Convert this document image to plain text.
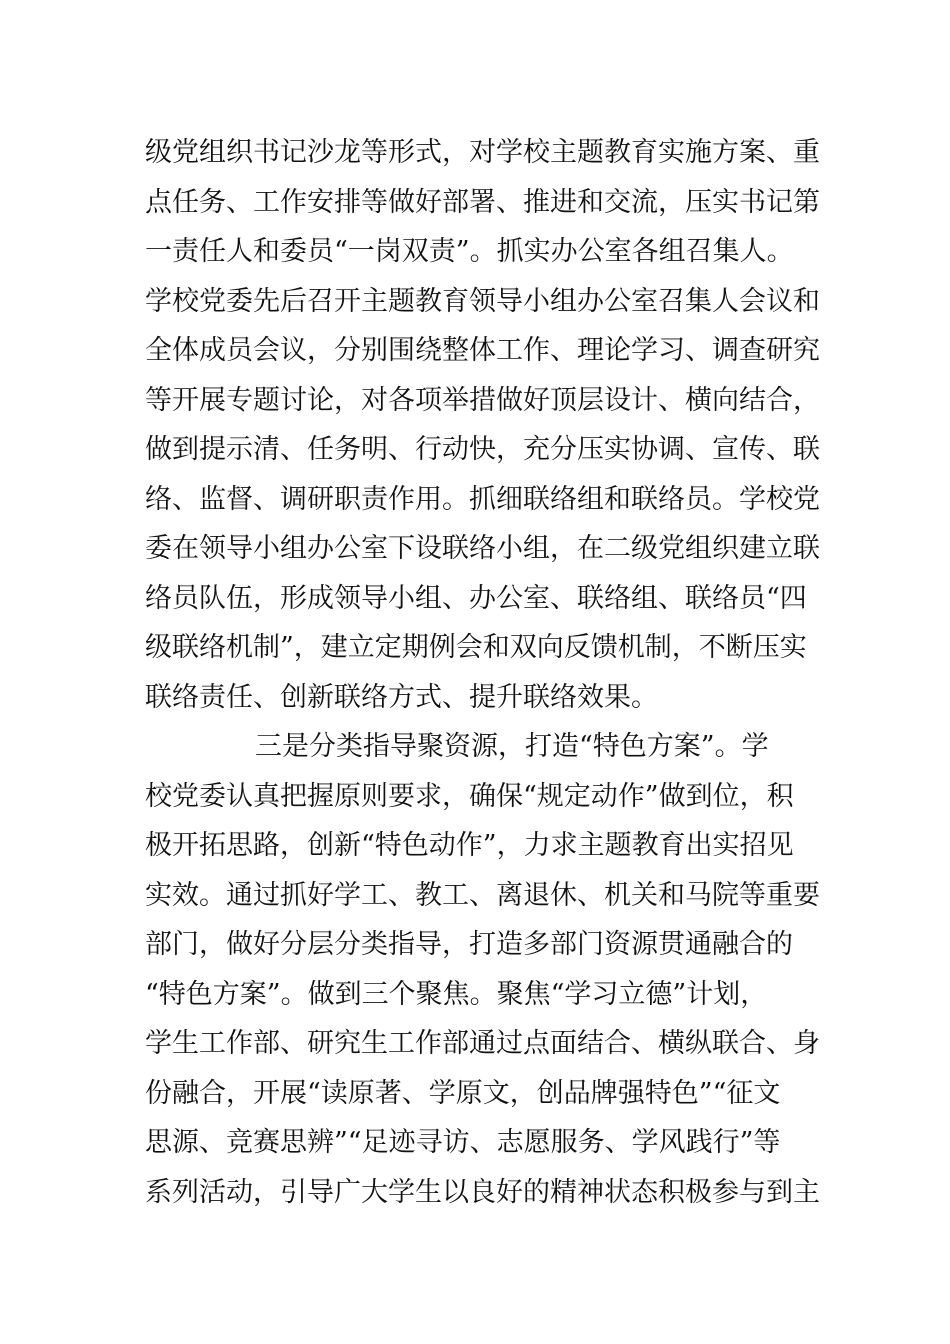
级党组织书记沙龙等形式，对学校主题教育实施方案、重
点任务、工作安排等做好部署、推进和交流，压实书记第
一责任人和委员“一岗双责”。抓实办公室各组召集人。
学校党委先后召开主题教育领导小组办公室召集人会议和
全体成员会议，分别围绕整体工作、理论学习、调查研究
等开展专题讨论，对各项举措做好顶层设计、横向结合，
做到提示清、任务明、行动快，充分压实协调、宣传、联
络、监督、调研职责作用。抓细联络组和联络员。学校党
委在领导小组办公室下设联络小组，在二级党组织建立联
络员队伍，形成领导小组、办公室、联络组、联络员“四
级联络机制”，建立定期例会和双向反馈机制，不断压实
联络责任、创新联络方式、提升联络效果。
三是分类指导聚资源，打造“特色方案”。学
校党委认真把握原则要求，确保“规定动作”做到位，积
极开拓思路，创新“特色动作”，力求主题教育出实招见
实效。通过抓好学工、教工、离退休、机关和马院等重要
部门，做好分层分类指导，打造多部门资源贯通融合的
“特色方案”。做到三个聚焦。聚焦“学习立德”计划，
学生工作部、研究生工作部通过点面结合、横纵联合、身
份融合，开展“读原著、学原文，创品牌强特色”“征文
思源、竞赛思辨”“足迹寻访、志愿服务、学风践行”等
系列活动，引导广大学生以良好的精神状态积极参与到主
